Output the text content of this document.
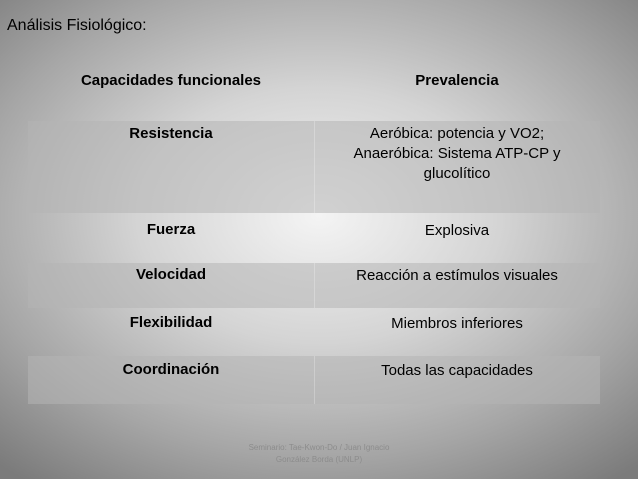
Análisis Fisiológico:
Capacidades funcionales	Prevalencia
Resistencia	Aeróbica: potencia y VO2;
Anaeróbica: Sistema ATP-CP y
glucolítico
Fuerza	Explosiva
Velocidad	Reacción a estímulos visuales
Flexibilidad	Miembros inferiores
Coordinación	Todas las capacidades
Seminario: Tae-Kwon-Do / Juan Ignacio
González Borda (UNLP)
